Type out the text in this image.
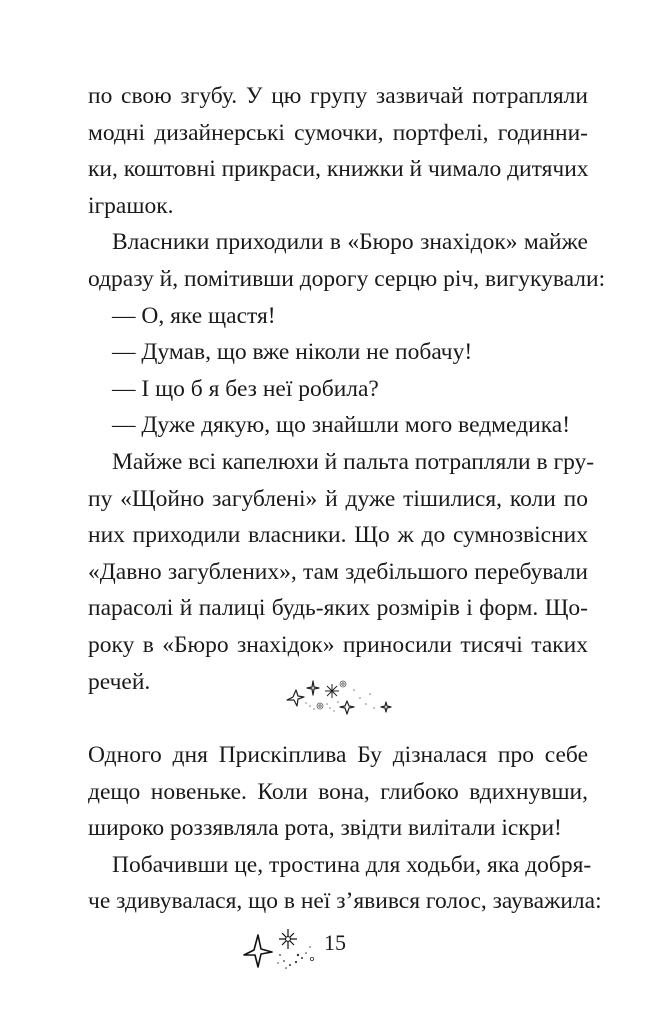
по свою згубу. У цю групу зазвичай потрапляли
модні дизайнерські сумочки, портфелі, годинни-
ки, коштовні прикраси, книжки й чимало дитячих
іграшок.
Власники приходили в «Бюро знахідок» майже
одразу й, помітивши дорогу серцю річ, вигукували:
— О, яке щастя!
— Думав, що вже ніколи не побачу!
— І що б я без неї робила?
— Дуже дякую, що знайшли мого ведмедика!
Майже всі капелюхи й пальта потрапляли в гру-
пу «Щойно загублені» й дуже тішилися, коли по
них приходили власники. Що ж до сумнозвісних
«Давно загублених», там здебільшого перебували
парасолі й палиці будь-яких розмірів і форм. Що-
року в «Бюро знахідок» приносили тисячі таких
речей.
Одного дня Прискіплива Бу дізналася про себе
дещо новеньке. Коли вона, глибоко вдихнувши,
широко роззявляла рота, звідти вилітали іскри!
Побачивши це, тростина для ходьби, яка добря-
че здивувалася, що в неї з’явився голос, зауважила:
15
